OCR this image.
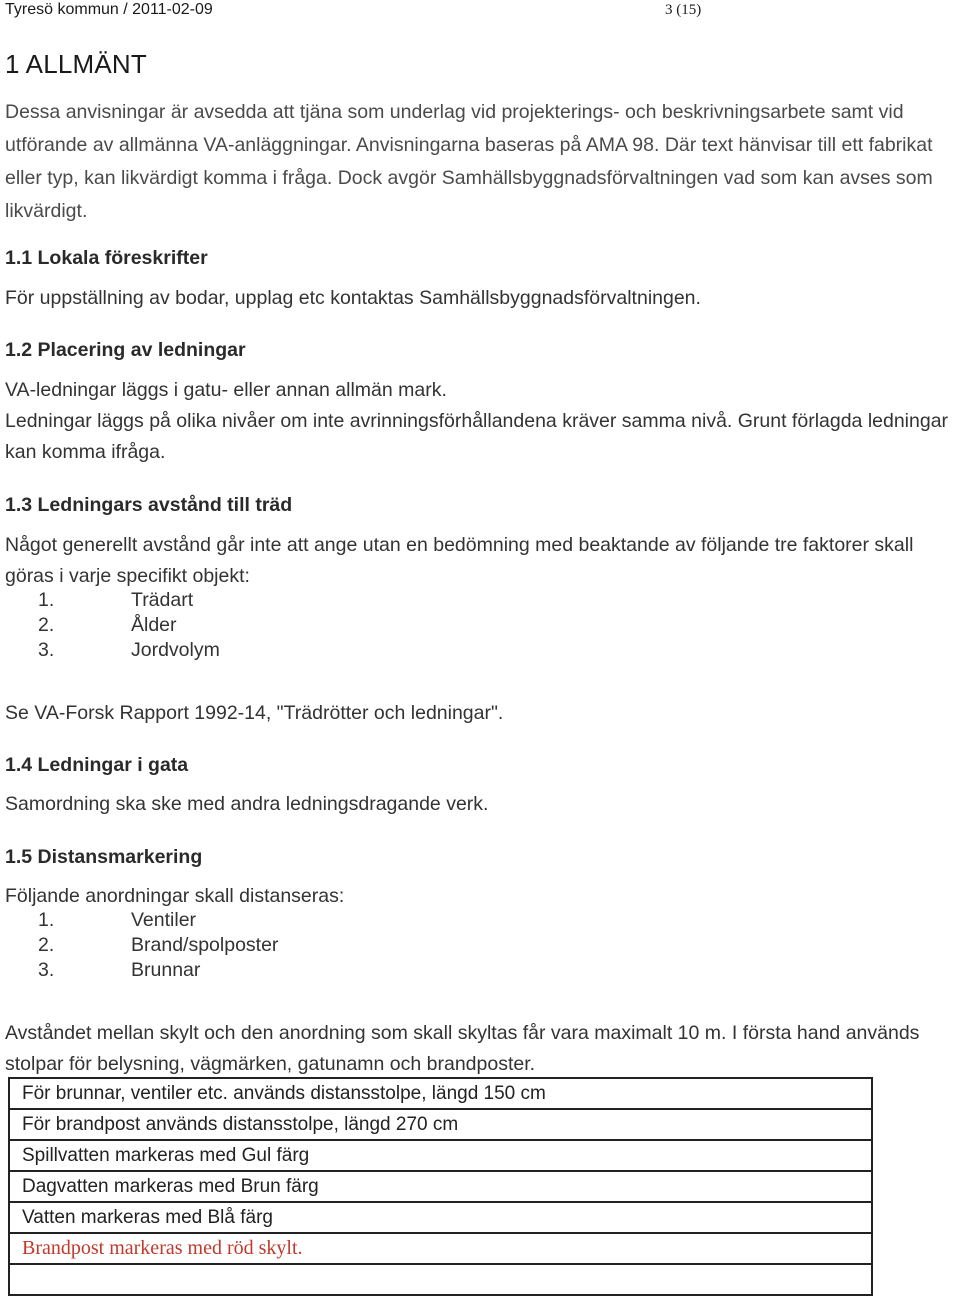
Tyresö kommun / 2011-02-09	3 (15)
1 ALLMÄNT

Dessa anvisningar är avsedda att tjäna som underlag vid projekterings- och beskrivningsarbete samt vid utförande av allmänna VA-anläggningar. Anvisningarna baseras på AMA 98. Där text hänvisar till ett fabrikat eller typ, kan likvärdigt komma i fråga. Dock avgör Samhällsbyggnadsförvaltningen vad som kan avses som likvärdigt.

1.1 Lokala föreskrifter

För uppställning av bodar, upplag etc kontaktas Samhällsbyggnadsförvaltningen.

1.2 Placering av ledningar

VA-ledningar läggs i gatu- eller annan allmän mark.

Ledningar läggs på olika nivåer om inte avrinningsförhållandena kräver samma nivå. Grunt förlagda ledningar kan komma ifråga.

1.3 Ledningars avstånd till träd

Något generellt avstånd går inte att ange utan en bedömning med beaktande av följande tre faktorer skall göras i varje specifikt objekt:

1.	Trädart
2.	Ålder
3.	Jordvolym

Se VA-Forsk Rapport 1992-14, "Trädrötter och ledningar".

1.4 Ledningar i gata

Samordning ska ske med andra ledningsdragande verk.

1.5 Distansmarkering

Följande anordningar skall distanseras:

1.	Ventiler
2.	Brand/spolposter
3.	Brunnar

Avståndet mellan skylt och den anordning som skall skyltas får vara maximalt 10 m. I första hand används stolpar för belysning, vägmärken, gatunamn och brandposter.

För brunnar, ventiler etc. används distansstolpe, längd 150 cm
För brandpost används distansstolpe, längd 270 cm
Spillvatten markeras med Gul färg
Dagvatten markeras med Brun färg
Vatten markeras med Blå färg
Brandpost markeras med röd skylt.
